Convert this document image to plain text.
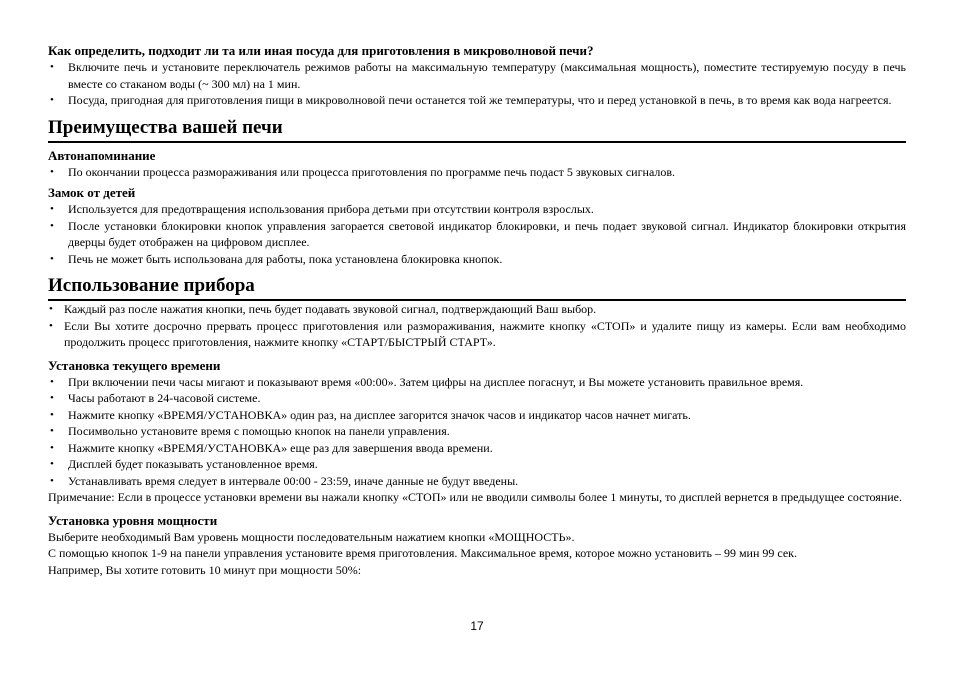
Как определить, подходит ли та или иная посуда для приготовления в микроволновой печи?

• Включите печь и установите переключатель режимов работы на максимальную температуру (максимальная мощность), поместите тестируемую посуду в печь вместе со стаканом воды (~ 300 мл) на 1 мин.
• Посуда, пригодная для приготовления пищи в микроволновой печи останется той же температуры, что и перед установкой в печь, в то время как вода нагреется.
Преимущества вашей печи
Автонапоминание
• По окончании процесса размораживания или процесса приготовления по программе печь подаст 5 звуковых сигналов.
Замок от детей
• Используется для предотвращения использования прибора детьми при отсутствии контроля взрослых.
• После установки блокировки кнопок управления загорается световой индикатор блокировки, и печь подает звуковой сигнал. Индикатор блокировки открытия дверцы будет отображен на цифровом дисплее.
• Печь не может быть использована для работы, пока установлена блокировка кнопок.
Использование прибора
• Каждый раз после нажатия кнопки, печь будет подавать звуковой сигнал, подтверждающий Ваш выбор.
• Если Вы хотите досрочно прервать процесс приготовления или размораживания, нажмите кнопку «СТОП» и удалите пищу из камеры. Если вам необходимо продолжить процесс приготовления, нажмите кнопку «СТАРТ/БЫСТРЫЙ СТАРТ».
Установка текущего времени
• При включении печи часы мигают и показывают время «00:00». Затем цифры на дисплее погаснут, и Вы можете установить правильное время.
• Часы работают в 24-часовой системе.
• Нажмите кнопку «ВРЕМЯ/УСТАНОВКА» один раз, на дисплее загорится значок часов и индикатор часов начнет мигать.
• Посимвольно установите время с помощью кнопок на панели управления.
• Нажмите кнопку «ВРЕМЯ/УСТАНОВКА» еще раз для завершения ввода времени.
• Дисплей будет показывать установленное время.
• Устанавливать время следует в интервале 00:00 - 23:59, иначе данные не будут введены.

Примечание: Если в процессе установки времени вы нажали кнопку «СТОП» или не вводили символы более 1 минуты, то дисплей вернется в предыдущее состояние.

Установка уровня мощности

Выберите необходимый Вам уровень мощности последовательным нажатием кнопки «МОЩНОСТЬ».

С помощью кнопок 1-9 на панели управления установите время приготовления. Максимальное время, которое можно установить – 99 мин 99 сек.

Например, Вы хотите готовить 10 минут при мощности 50%:

17
